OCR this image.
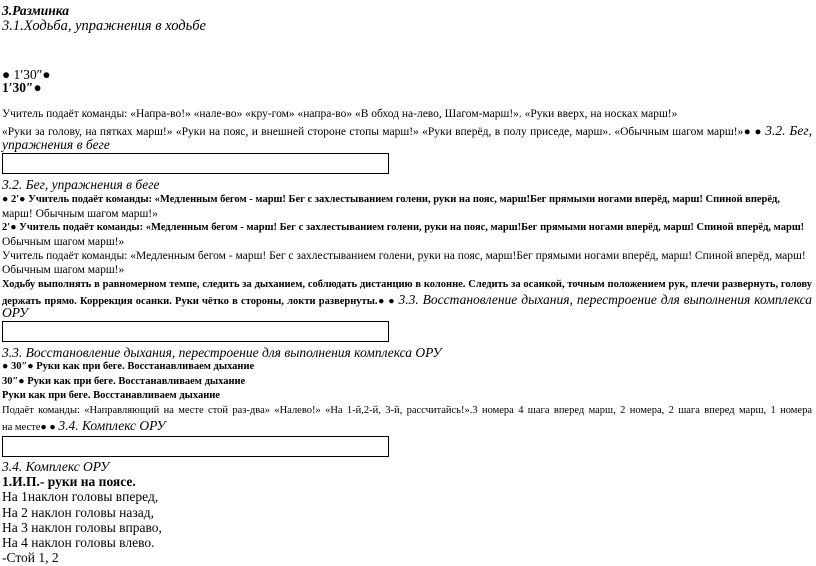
3.Разминка
3.1.Ходьба, упражнения в ходьбе
● 1′30″●
1′30″●
Учитель подаёт команды: «Напра-во!» «нале-во» «кру-гом» «напра-во» «В обход на-лево, Шагом-марш!». «Руки вверх, на носках марш!»
«Руки за голову, на пятках марш!» «Руки на пояс, и внешней стороне стопы марш!» «Руки вперёд, в полу приседе, марш». «Обычным шагом марш!»● ● 3.2. Бег,
упражнения в беге
3.2. Бег, упражнения в беге
● 2′● Учитель подаёт команды: «Медленным бегом - марш! Бег с захлестыванием голени, руки на пояс, марш!Бег прямыми ногами вперёд, марш! Спиной вперёд,
марш! Обычным шагом марш!»
2′● Учитель подаёт команды: «Медленным бегом - марш! Бег с захлестыванием голени, руки на пояс, марш!Бег прямыми ногами вперёд, марш! Спиной вперёд, марш!
Обычным шагом марш!»
Учитель подаёт команды: «Медленным бегом - марш! Бег с захлестыванием голени, руки на пояс, марш!Бег прямыми ногами вперёд, марш! Спиной вперёд, марш!
Обычным шагом марш!»
Ходьбу выполнять в равномерном темпе, следить за дыханием, соблюдать дистанцию в колонне. Следить за осанкой, точным положением рук, плечи развернуть, голову
держать прямо. Коррекция осанки. Руки чётко в стороны, локти развернуты.● ● 3.3. Восстановление дыхания, перестроение для выполнения комплекса
ОРУ
3.3. Восстановление дыхания, перестроение для выполнения комплекса ОРУ
● 30″● Руки как при беге. Восстанавливаем дыхание
30″● Руки как при беге. Восстанавливаем дыхание
Руки как при беге. Восстанавливаем дыхание
Подаёт команды: «Направляющий на месте стой раз-два» «Налево!» «На 1-й,2-й, 3-й, рассчитайсь!».3 номера 4 шага вперед марш, 2 номера, 2 шага вперед марш, 1 номера
на месте● ● 3.4. Комплекс ОРУ
3.4. Комплекс ОРУ
1.И.П.- руки на поясе.
На 1наклон головы вперед,
На 2 наклон головы назад,
На 3 наклон головы вправо,
На 4 наклон головы влево.
-Стой 1, 2
